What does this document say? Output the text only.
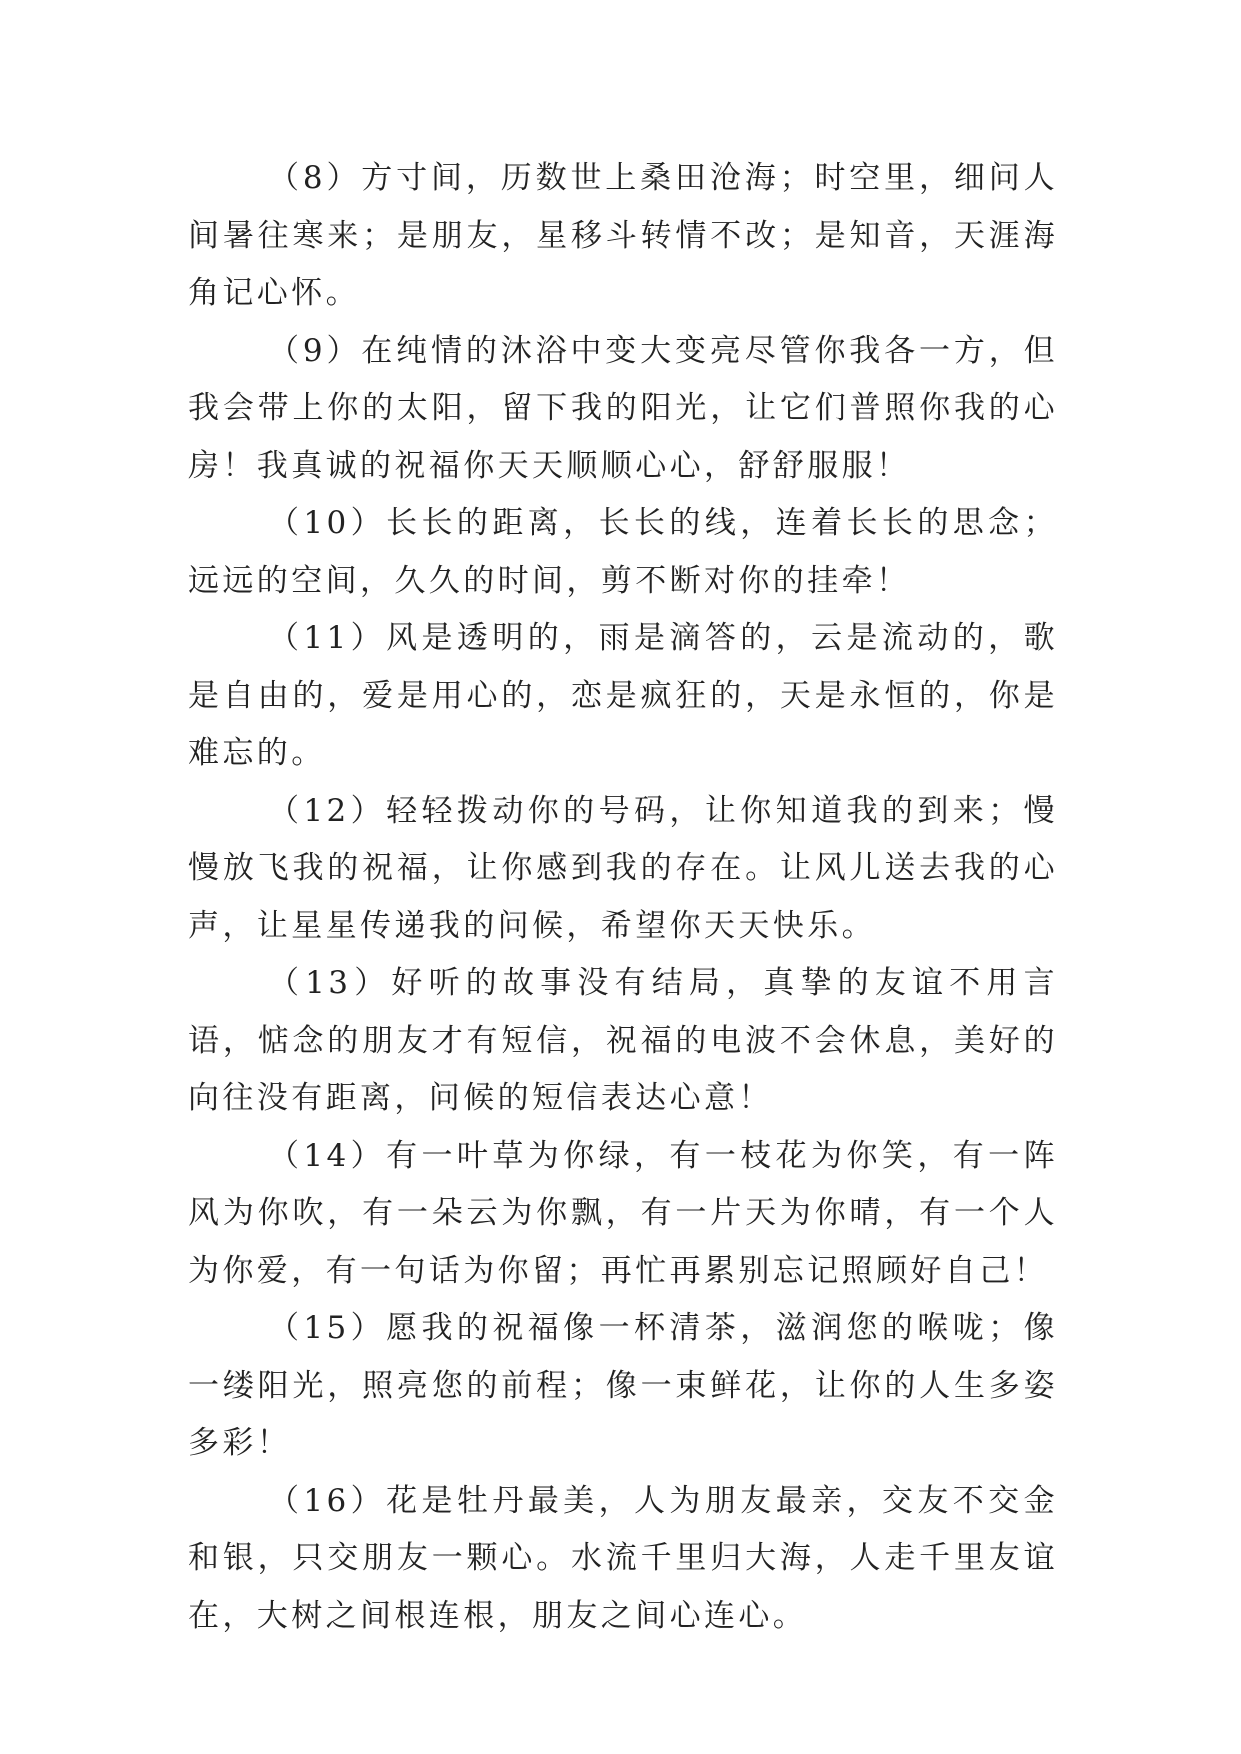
（8）方寸间，历数世上桑田沧海；时空里，细问人间暑往寒来；是朋友，星移斗转情不改；是知音，天涯海角记心怀。

（9）在纯情的沐浴中变大变亮尽管你我各一方，但我会带上你的太阳，留下我的阳光，让它们普照你我的心房！我真诚的祝福你天天顺顺心心，舒舒服服！

（10）长长的距离，长长的线，连着长长的思念；远远的空间，久久的时间，剪不断对你的挂牵！

（11）风是透明的，雨是滴答的，云是流动的，歌是自由的，爱是用心的，恋是疯狂的，天是永恒的，你是难忘的。

（12）轻轻拨动你的号码，让你知道我的到来；慢慢放飞我的祝福，让你感到我的存在。让风儿送去我的心声，让星星传递我的问候，希望你天天快乐。

（13）好听的故事没有结局，真挚的友谊不用言语，惦念的朋友才有短信，祝福的电波不会休息，美好的向往没有距离，问候的短信表达心意！

（14）有一叶草为你绿，有一枝花为你笑，有一阵风为你吹，有一朵云为你飘，有一片天为你晴，有一个人为你爱，有一句话为你留；再忙再累别忘记照顾好自己！

（15）愿我的祝福像一杯清茶，滋润您的喉咙；像一缕阳光，照亮您的前程；像一束鲜花，让你的人生多姿多彩！

（16）花是牡丹最美，人为朋友最亲，交友不交金和银，只交朋友一颗心。水流千里归大海，人走千里友谊在，大树之间根连根，朋友之间心连心。
